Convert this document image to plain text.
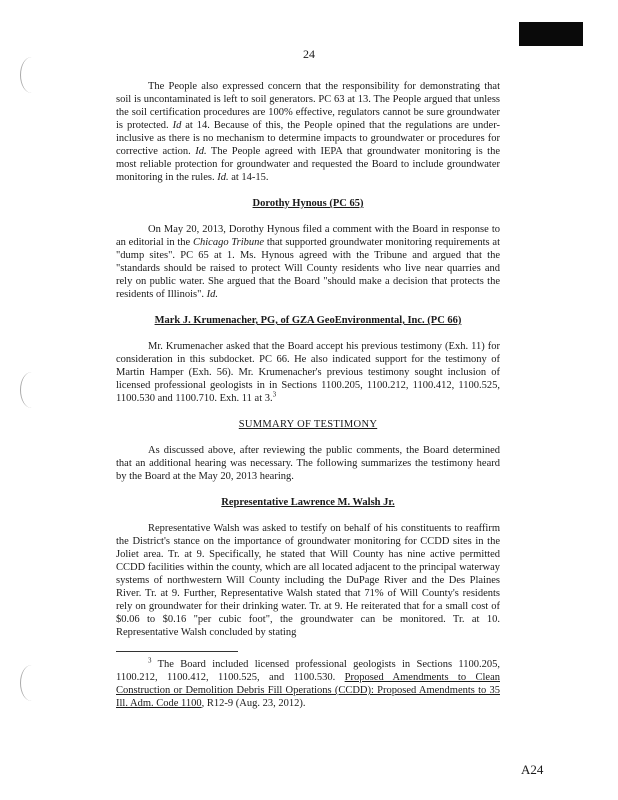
24

The People also expressed concern that the responsibility for demonstrating that soil is uncontaminated is left to soil generators. PC 63 at 13. The People argued that unless the soil certification procedures are 100% effective, regulators cannot be sure groundwater is protected. Id at 14. Because of this, the People opined that the regulations are under-inclusive as there is no mechanism to determine impacts to groundwater or procedures for corrective action. Id. The People agreed with IEPA that groundwater monitoring is the most reliable protection for groundwater and requested the Board to include groundwater monitoring in the rules. Id. at 14-15.

Dorothy Hynous (PC 65)

On May 20, 2013, Dorothy Hynous filed a comment with the Board in response to an editorial in the Chicago Tribune that supported groundwater monitoring requirements at "dump sites". PC 65 at 1. Ms. Hynous agreed with the Tribune and argued that the "standards should be raised to protect Will County residents who live near quarries and rely on public water. She argued that the Board "should make a decision that protects the residents of Illinois". Id.

Mark J. Krumenacher, PG, of GZA GeoEnvironmental, Inc. (PC 66)

Mr. Krumenacher asked that the Board accept his previous testimony (Exh. 11) for consideration in this subdocket. PC 66. He also indicated support for the testimony of Martin Hamper (Exh. 56). Mr. Krumenacher's previous testimony sought inclusion of licensed professional geologists in in Sections 1100.205, 1100.212, 1100.412, 1100.525, 1100.530 and 1100.710. Exh. 11 at 3.$^3$

SUMMARY OF TESTIMONY

As discussed above, after reviewing the public comments, the Board determined that an additional hearing was necessary. The following summarizes the testimony heard by the Board at the May 20, 2013 hearing.

Representative Lawrence M. Walsh Jr.

Representative Walsh was asked to testify on behalf of his constituents to reaffirm the District's stance on the importance of groundwater monitoring for CCDD sites in the Joliet area. Tr. at 9. Specifically, he stated that Will County has nine active permitted CCDD facilities within the county, which are all located adjacent to the principal waterway systems of northwestern Will County including the DuPage River and the Des Plaines River. Tr. at 9. Further, Representative Walsh stated that 71% of Will County's residents rely on groundwater for their drinking water. Tr. at 9. He reiterated that for a small cost of $0.06 to $0.16 "per cubic foot", the groundwater can be monitored. Tr. at 10. Representative Walsh concluded by stating

$^3$ The Board included licensed professional geologists in Sections 1100.205, 1100.212, 1100.412, 1100.525, and 1100.530. Proposed Amendments to Clean Construction or Demolition Debris Fill Operations (CCDD): Proposed Amendments to 35 Ill. Adm. Code 1100, R12-9 (Aug. 23, 2012).

A24
